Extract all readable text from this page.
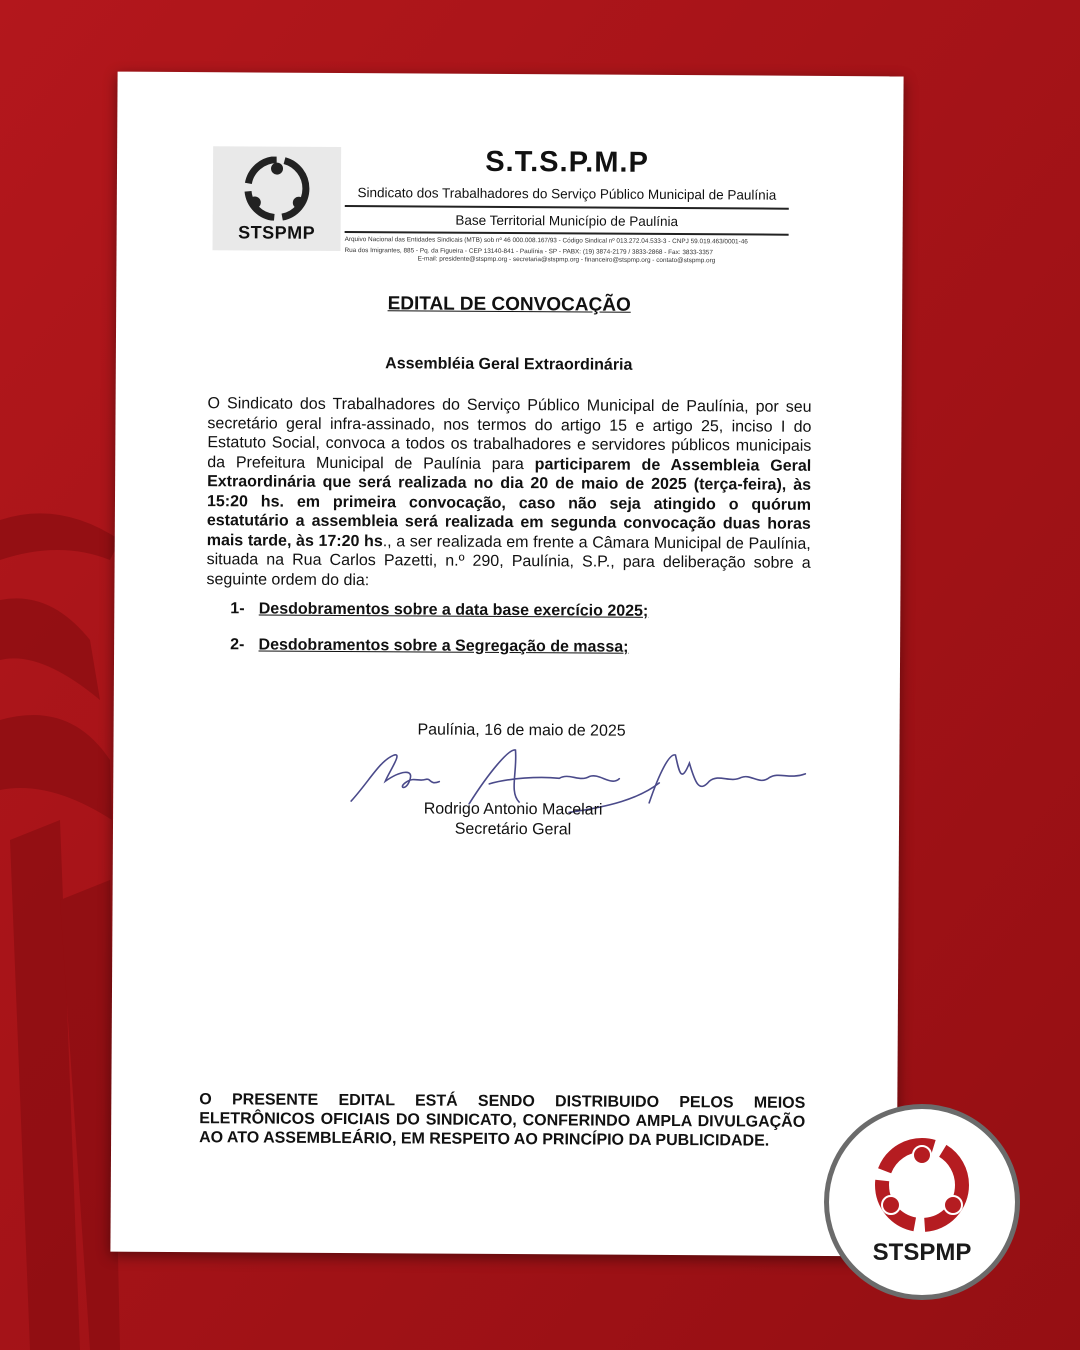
STSPMP
S.T.S.P.M.P
Sindicato dos Trabalhadores do Serviço Público Municipal de Paulínia
Base Territorial Município de Paulínia
Arquivo Nacional das Entidades Sindicais (MTB) sob nº 46 000.008.167/93 - Código Sindical nº 013.272.04.533-3 - CNPJ 59.019.463/0001-46
Rua dos Imigrantes, 885 - Pq. da Figueira - CEP 13140-841 - Paulínia - SP - PABX: (19) 3874-2179 / 3833-2868 - Fax: 3833-3357
E-mail: presidente@stspmp.org - secretaria@stspmp.org - financeiro@stspmp.org - contato@stspmp.org
EDITAL DE CONVOCAÇÃO
Assembléia Geral Extraordinária
O Sindicato dos Trabalhadores do Serviço Público Municipal de Paulínia, por seu secretário geral infra-assinado, nos termos do artigo 15 e artigo 25, inciso I do Estatuto Social, convoca a todos os trabalhadores e servidores públicos municipais da Prefeitura Municipal de Paulínia para participarem de Assembleia Geral Extraordinária que será realizada no dia 20 de maio de 2025 (terça-feira), às 15:20 hs. em primeira convocação, caso não seja atingido o quórum estatutário a assembleia será realizada em segunda convocação duas horas mais tarde, às 17:20 hs., a ser realizada em frente a Câmara Municipal de Paulínia, situada na Rua Carlos Pazetti, n.º 290, Paulínia, S.P., para deliberação sobre a seguinte ordem do dia:
1- Desdobramentos sobre a data base exercício 2025;
2- Desdobramentos sobre a Segregação de massa;
Paulínia, 16 de maio de 2025
Rodrigo Antonio Macelari
Secretário Geral
O PRESENTE EDITAL ESTÁ SENDO DISTRIBUIDO PELOS MEIOS ELETRÔNICOS OFICIAIS DO SINDICATO, CONFERINDO AMPLA DIVULGAÇÃO AO ATO ASSEMBLEÁRIO, EM RESPEITO AO PRINCÍPIO DA PUBLICIDADE.
STSPMP
